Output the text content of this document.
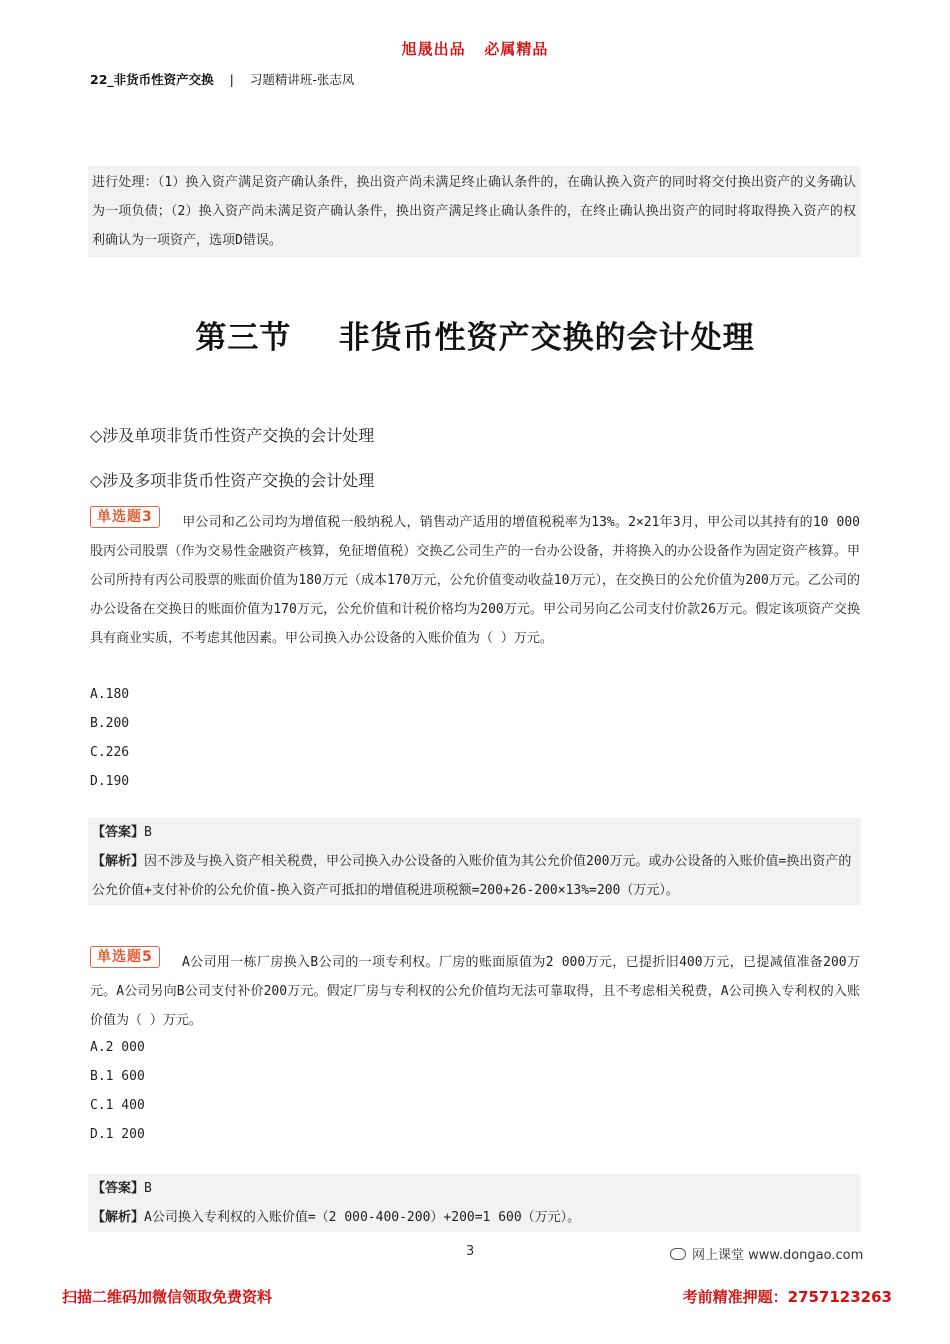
旭晟出品   必属精品
22_非货币性资产交换 | 习题精讲班-张志凤
进行处理：（1）换入资产满足资产确认条件，换出资产尚未满足终止确认条件的，在确认换入资产的同时将交付换出资产的义务确认为一项负债；（2）换入资产尚未满足资产确认条件，换出资产满足终止确认条件的，在终止确认换出资产的同时将取得换入资产的权利确认为一项资产，选项D错误。
第三节    非货币性资产交换的会计处理
◇涉及单项非货币性资产交换的会计处理
◇涉及多项非货币性资产交换的会计处理
单选题3	甲公司和乙公司均为增值税一般纳税人，销售动产适用的增值税税率为13%。2×21年3月，甲公司以其持有的10 000股丙公司股票（作为交易性金融资产核算，免征增值税）交换乙公司生产的一台办公设备，并将换入的办公设备作为固定资产核算。甲公司所持有丙公司股票的账面价值为180万元（成本170万元，公允价值变动收益10万元），在交换日的公允价值为200万元。乙公司的办公设备在交换日的账面价值为170万元，公允价值和计税价格均为200万元。甲公司另向乙公司支付价款26万元。假定该项资产交换具有商业实质，不考虑其他因素。甲公司换入办公设备的入账价值为（ ）万元。
A.180
B.200
C.226
D.190

【答案】B

【解析】因不涉及与换入资产相关税费，甲公司换入办公设备的入账价值为其公允价值200万元。或办公设备的入账价值=换出资产的公允价值+支付补价的公允价值-换入资产可抵扣的增值税进项税额=200+26-200×13%=200（万元）。

单选题5	A公司用一栋厂房换入B公司的一项专利权。厂房的账面原值为2 000万元，已提折旧400万元，已提减值准备200万元。A公司另向B公司支付补价200万元。假定厂房与专利权的公允价值均无法可靠取得，且不考虑相关税费，A公司换入专利权的入账价值为（ ）万元。
A.2 000
B.1 600
C.1 400
D.1 200

【答案】B

【解析】A公司换入专利权的入账价值=（2 000-400-200）+200=1 600（万元）。

3	网上课堂 www.dongao.com
扫描二维码加微信领取免费资料	考前精准押题：2757123263
